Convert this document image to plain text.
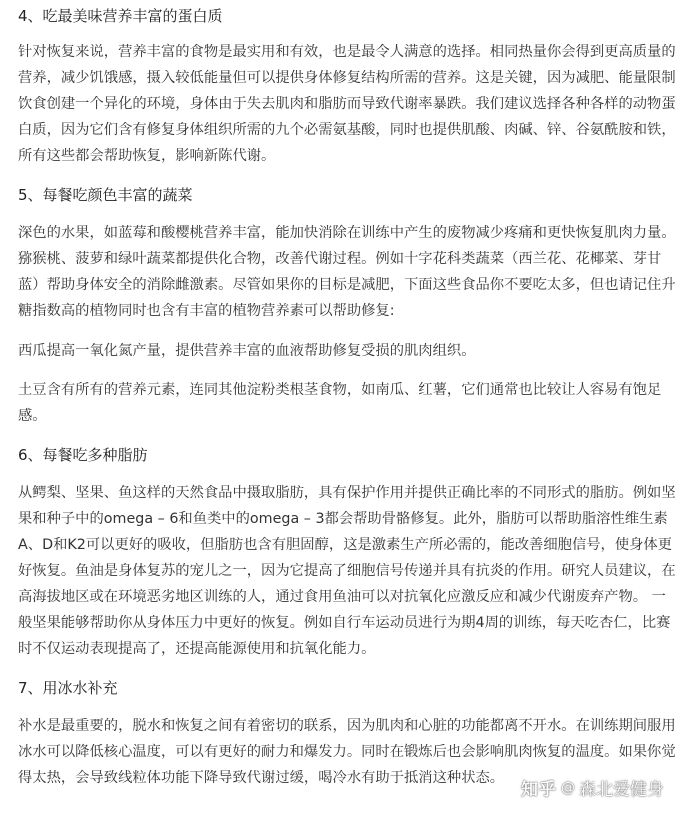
4、吃最美味营养丰富的蛋白质

针对恢复来说，营养丰富的食物是最实用和有效，也是最令人满意的选择。相同热量你会得到更高质量的营养，减少饥饿感，摄入较低能量但可以提供身体修复结构所需的营养。这是关键，因为减肥、能量限制饮食创建一个异化的环境，身体由于失去肌肉和脂肪而导致代谢率暴跌。我们建议选择各种各样的动物蛋白质，因为它们含有修复身体组织所需的九个必需氨基酸，同时也提供肌酸、肉碱、锌、谷氨酰胺和铁，所有这些都会帮助恢复，影响新陈代谢。

5、每餐吃颜色丰富的蔬菜

深色的水果，如蓝莓和酸樱桃营养丰富，能加快消除在训练中产生的废物减少疼痛和更快恢复肌肉力量。猕猴桃、菠萝和绿叶蔬菜都提供化合物，改善代谢过程。例如十字花科类蔬菜（西兰花、花椰菜、芽甘蓝）帮助身体安全的消除雌激素。尽管如果你的目标是减肥，下面这些食品你不要吃太多，但也请记住升糖指数高的植物同时也含有丰富的植物营养素可以帮助修复:

西瓜提高一氧化氮产量，提供营养丰富的血液帮助修复受损的肌肉组织。

土豆含有所有的营养元素，连同其他淀粉类根茎食物，如南瓜、红薯，它们通常也比较让人容易有饱足感。

6、每餐吃多种脂肪

从鳄梨、坚果、鱼这样的天然食品中摄取脂肪，具有保护作用并提供正确比率的不同形式的脂肪。例如坚果和种子中的omega – 6和鱼类中的omega – 3都会帮助骨骼修复。此外，脂肪可以帮助脂溶性维生素A、D和K2可以更好的吸收，但脂肪也含有胆固醇，这是激素生产所必需的，能改善细胞信号，使身体更好恢复。鱼油是身体复苏的宠儿之一，因为它提高了细胞信号传递并具有抗炎的作用。研究人员建议，在高海拔地区或在环境恶劣地区训练的人，通过食用鱼油可以对抗氧化应激反应和减少代谢废弃产物。 一般坚果能够帮助你从身体压力中更好的恢复。例如自行车运动员进行为期4周的训练，每天吃杏仁，比赛时不仅运动表现提高了，还提高能源使用和抗氧化能力。

7、用冰水补充

补水是最重要的，脱水和恢复之间有着密切的联系，因为肌肉和心脏的功能都离不开水。在训练期间服用冰水可以降低核心温度，可以有更好的耐力和爆发力。同时在锻炼后也会影响肌肉恢复的温度。如果你觉得太热，会导致线粒体功能下降导致代谢过缓，喝冷水有助于抵消这种状态。

知乎 @ 森北爱健身
